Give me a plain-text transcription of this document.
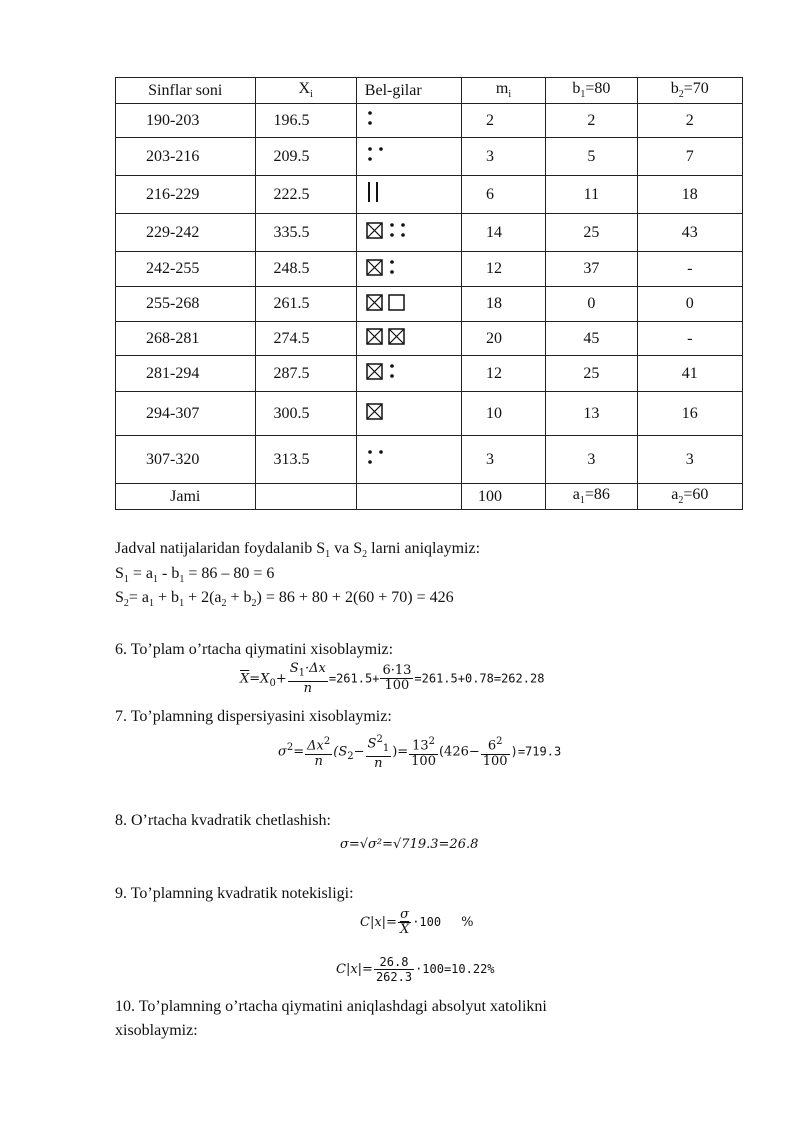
Sinflar soni	$X_i$	Bel-gilar	$m_i$	$b_1=80$	$b_2=70$
190-203	196.5		2	2	2
203-216	209.5		3	5	7
216-229	222.5		6	11	18
229-242	335.5		14	25	43
242-255	248.5		12	37	-
255-268	261.5		18	0	0
268-281	274.5		20	45	-
281-294	287.5		12	25	41
294-307	300.5		10	13	16
307-320	313.5		3	3	3
Jami			100	$a_1=86$	$a_2=60$
Jadval natijalaridan foydalanib $S_1$ va $S_2$ larni aniqlaymiz:
$S_1 = a_1 - b_1 = 86 - 80 = 6$
$S_2= a_1 + b_1 + 2(a_2 + b_2) = 86 + 80 + 2(60 + 70) = 426$
6. To’plam o’rtacha qiymatini xisoblaymiz:
$\overline{X}=X_0+ \frac{S_1\cdot\Delta x}{n} =261.5+ \frac{6\cdot 13}{100} =261.5+0.78=262.28$
7. To’plamning dispersiyasini xisoblaymiz:
$\sigma^2= \frac{\Delta x^2}{n} (S_2- \frac{S^2_1}{n}$ )= $\frac{13^2}{100} (426- \frac{6^2}{100} )=719.3$
8. O’rtacha kvadratik chetlashish:
σ=√σ²=√719.3=26.8
9. To’plamning kvadratik notekisligi:
$C|x|= \frac{\sigma}{X} \cdot 100$ %
$C|x|= \frac{26.8}{262.3} \cdot 100=10.22\%$
10. To’plamning o’rtacha qiymatini aniqlashdagi absolyut xatolikni
xisoblaymiz:
